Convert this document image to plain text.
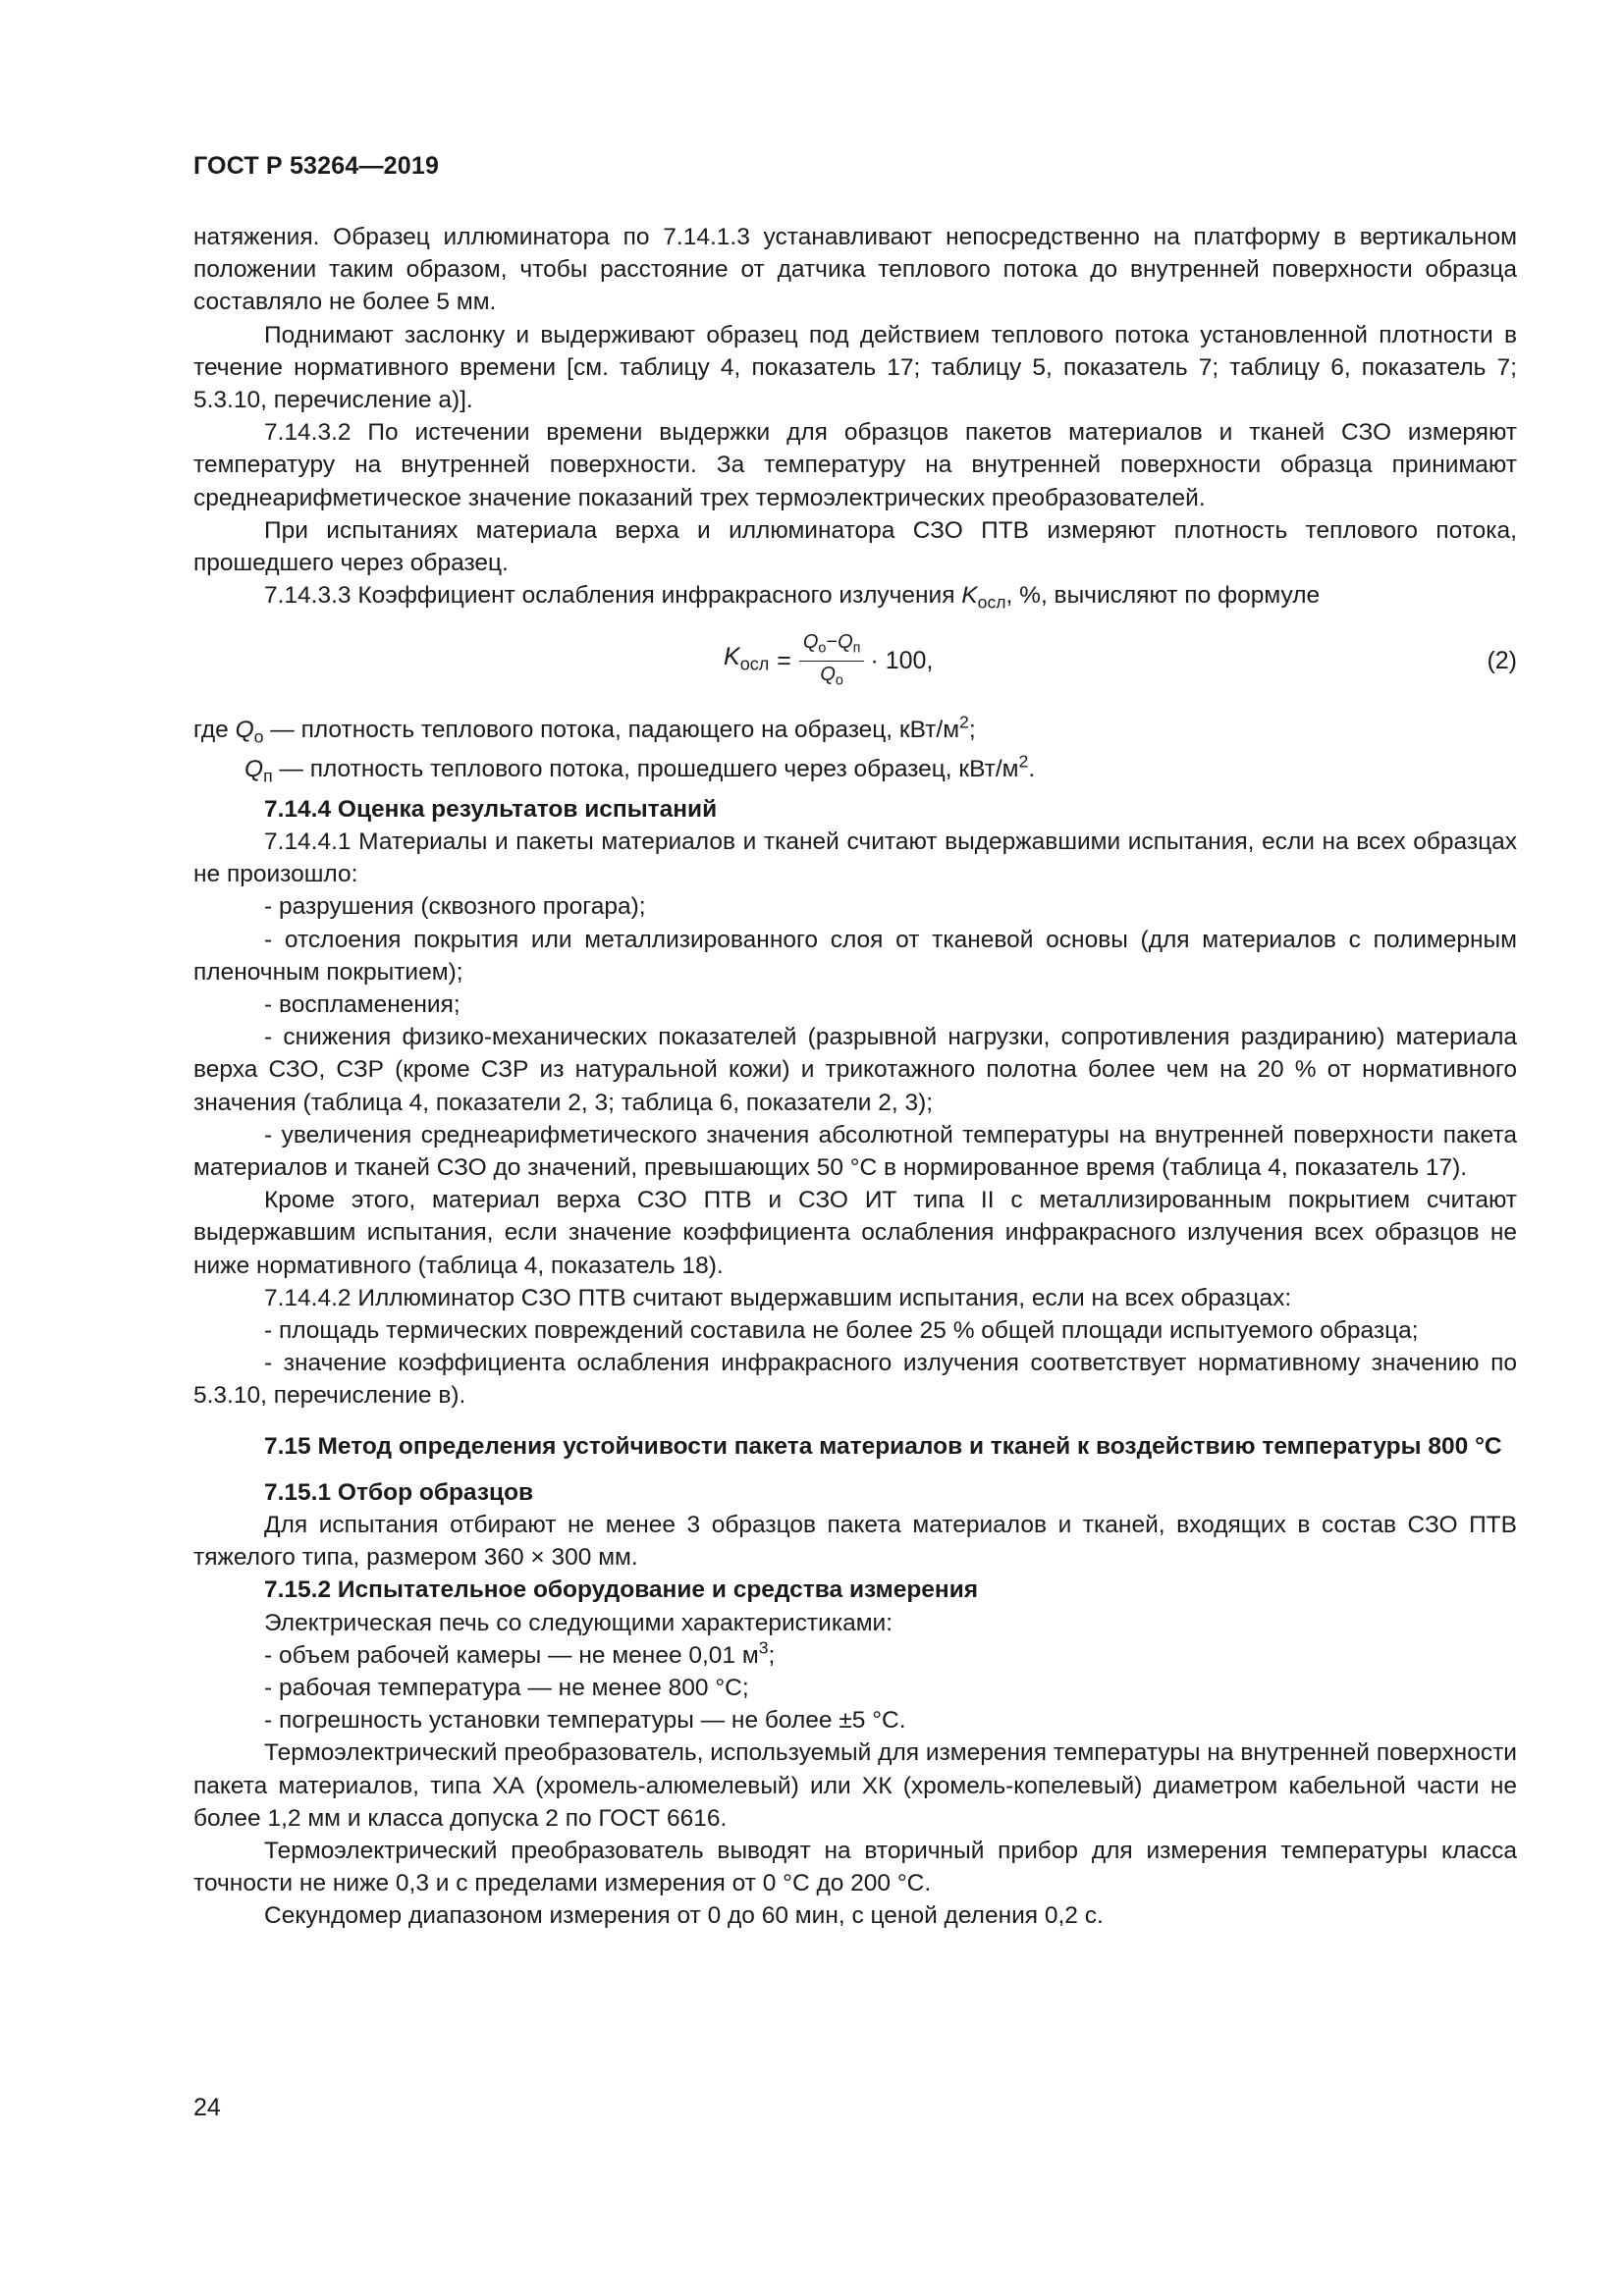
ГОСТ Р 53264—2019

натяжения. Образец иллюминатора по 7.14.1.3 устанавливают непосредственно на платформу в вертикальном положении таким образом, чтобы расстояние от датчика теплового потока до внутренней поверхности образца составляло не более 5 мм.

Поднимают заслонку и выдерживают образец под действием теплового потока установленной плотности в течение нормативного времени [см. таблицу 4, показатель 17; таблицу 5, показатель 7; таблицу 6, показатель 7; 5.3.10, перечисление а)].

7.14.3.2 По истечении времени выдержки для образцов пакетов материалов и тканей СЗО измеряют температуру на внутренней поверхности. За температуру на внутренней поверхности образца принимают среднеарифметическое значение показаний трех термоэлектрических преобразователей.

При испытаниях материала верха и иллюминатора СЗО ПТВ измеряют плотность теплового потока, прошедшего через образец.

7.14.3.3 Коэффициент ослабления инфракрасного излучения $K_{осл}$, %, вычисляют по формуле

$K_{осл} = \frac{Q_о-Q_п}{Q_о} \cdot 100$,	(2)

где $Q_о$ — плотность теплового потока, падающего на образец, кВт/$м^2$;

$Q_п$ — плотность теплового потока, прошедшего через образец, кВт/$м^2$.

7.14.4 Оценка результатов испытаний

7.14.4.1 Материалы и пакеты материалов и тканей считают выдержавшими испытания, если на всех образцах не произошло:

- разрушения (сквозного прогара);

- отслоения покрытия или металлизированного слоя от тканевой основы (для материалов с полимерным пленочным покрытием);

- воспламенения;

- снижения физико-механических показателей (разрывной нагрузки, сопротивления раздиранию) материала верха СЗО, СЗР (кроме СЗР из натуральной кожи) и трикотажного полотна более чем на 20 % от нормативного значения (таблица 4, показатели 2, 3; таблица 6, показатели 2, 3);

- увеличения среднеарифметического значения абсолютной температуры на внутренней поверхности пакета материалов и тканей СЗО до значений, превышающих 50 °С в нормированное время (таблица 4, показатель 17).

Кроме этого, материал верха СЗО ПТВ и СЗО ИТ типа II с металлизированным покрытием считают выдержавшим испытания, если значение коэффициента ослабления инфракрасного излучения всех образцов не ниже нормативного (таблица 4, показатель 18).

7.14.4.2 Иллюминатор СЗО ПТВ считают выдержавшим испытания, если на всех образцах:

- площадь термических повреждений составила не более 25 % общей площади испытуемого образца;

- значение коэффициента ослабления инфракрасного излучения соответствует нормативному значению по 5.3.10, перечисление в).

7.15 Метод определения устойчивости пакета материалов и тканей к воздействию температуры 800 °С

7.15.1 Отбор образцов

Для испытания отбирают не менее 3 образцов пакета материалов и тканей, входящих в состав СЗО ПТВ тяжелого типа, размером 360 × 300 мм.

7.15.2 Испытательное оборудование и средства измерения

Электрическая печь со следующими характеристиками:

- объем рабочей камеры — не менее 0,01 $м^3$;

- рабочая температура — не менее 800 °С;

- погрешность установки температуры — не более ±5 °С.

Термоэлектрический преобразователь, используемый для измерения температуры на внутренней поверхности пакета материалов, типа ХА (хромель-алюмелевый) или ХК (хромель-копелевый) диаметром кабельной части не более 1,2 мм и класса допуска 2 по ГОСТ 6616.

Термоэлектрический преобразователь выводят на вторичный прибор для измерения температуры класса точности не ниже 0,3 и с пределами измерения от 0 °С до 200 °С.

Секундомер диапазоном измерения от 0 до 60 мин, с ценой деления 0,2 с.

24
